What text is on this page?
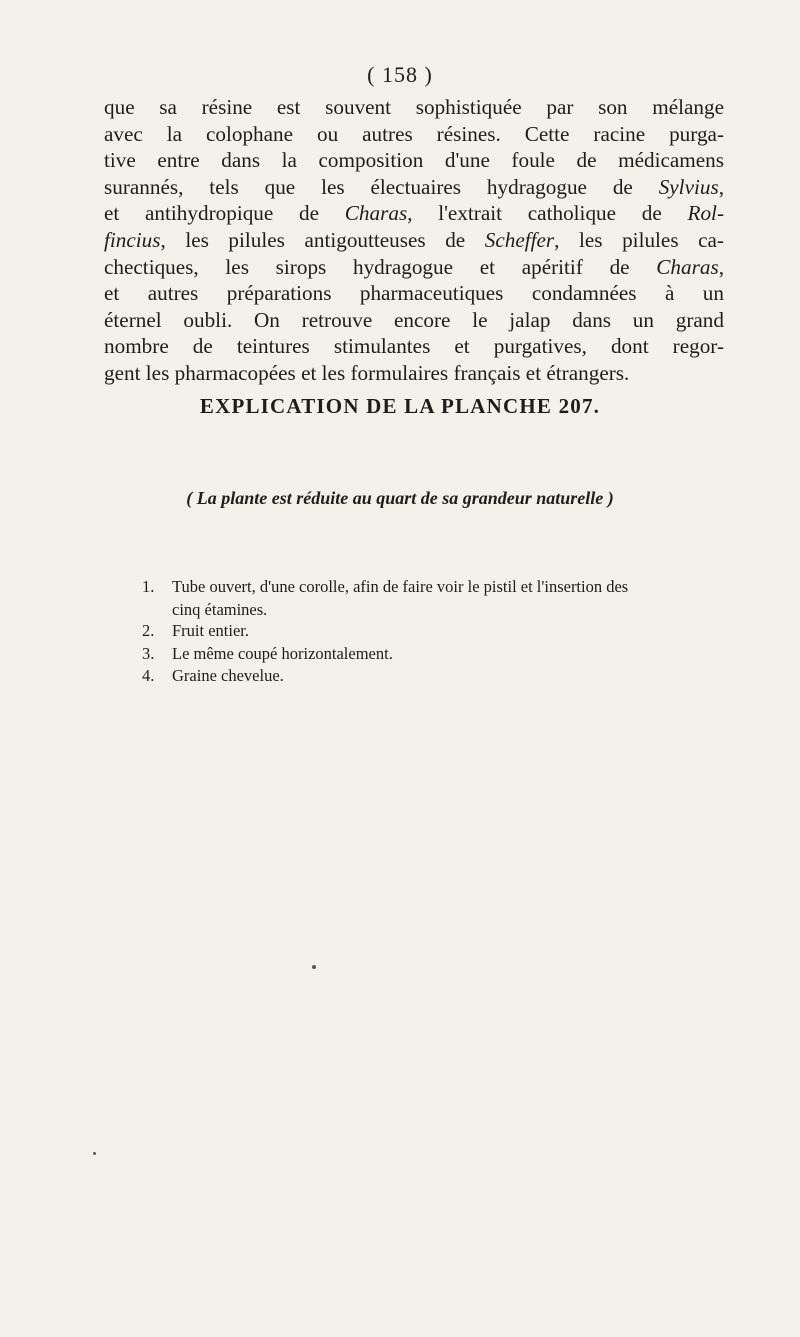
( 158 )
que sa résine est souvent sophistiquée par son mélange
avec la colophane ou autres résines. Cette racine purga-
tive entre dans la composition d'une foule de médicamens
surannés, tels que les électuaires hydragogue de Sylvius,
et antihydropique de Charas, l'extrait catholique de Rol-
fincius, les pilules antigoutteuses de Scheffer, les pilules ca-
chectiques, les sirops hydragogue et apéritif de Charas,
et autres préparations pharmaceutiques condamnées à un
éternel oubli. On retrouve encore le jalap dans un grand
nombre de teintures stimulantes et purgatives, dont regor-
gent les pharmacopées et les formulaires français et étrangers.
EXPLICATION DE LA PLANCHE 207.
( La plante est réduite au quart de sa grandeur naturelle )
1.	Tube ouvert, d'une corolle, afin de faire voir le pistil et l'insertion des
cinq étamines.
2.	Fruit entier.
3.	Le même coupé horizontalement.
4.	Graine chevelue.
